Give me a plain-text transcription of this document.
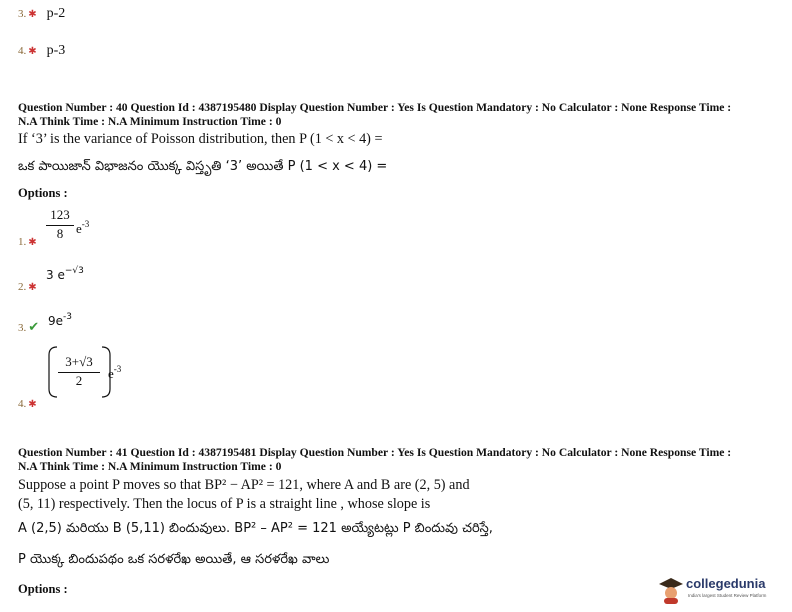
3. ✱ p-2
4. ✱ p-3
Question Number : 40 Question Id : 4387195480 Display Question Number : Yes Is Question Mandatory : No Calculator : None Response Time :
N.A Think Time : N.A Minimum Instruction Time : 0
If ‘3’ is the variance of Poisson distribution, then P (1 < x < 4) =
ఒక పాయిజాన్ విభాజనం యొక్క విస్తృతి ‘3’ అయితే P (1 < x < 4) =
Options :
1. ✱
$\frac{123}{8} e^{-3}$
2. ✱
3 $e^{-√3}$
3. ✔ $9e^{-3}$
4. ✱
$\frac{3+√3}{2} e^{-3}$
Question Number : 41 Question Id : 4387195481 Display Question Number : Yes Is Question Mandatory : No Calculator : None Response Time :
N.A Think Time : N.A Minimum Instruction Time : 0
Suppose a point P moves so that BP² − AP² = 121, where A and B are (2, 5) and
(5, 11) respectively. Then the locus of P is a straight line , whose slope is
A (2,5) మరియు B (5,11) బిందువులు. BP² – AP² = 121 అయ్యేటట్లు P బిందువు చరిస్తే,
P యొక్క బిందుపథం ఒక సరళరేఖ అయితే, ఆ సరళరేఖ వాలు
Options :	collegedunia
India's largest Student Review Platform
